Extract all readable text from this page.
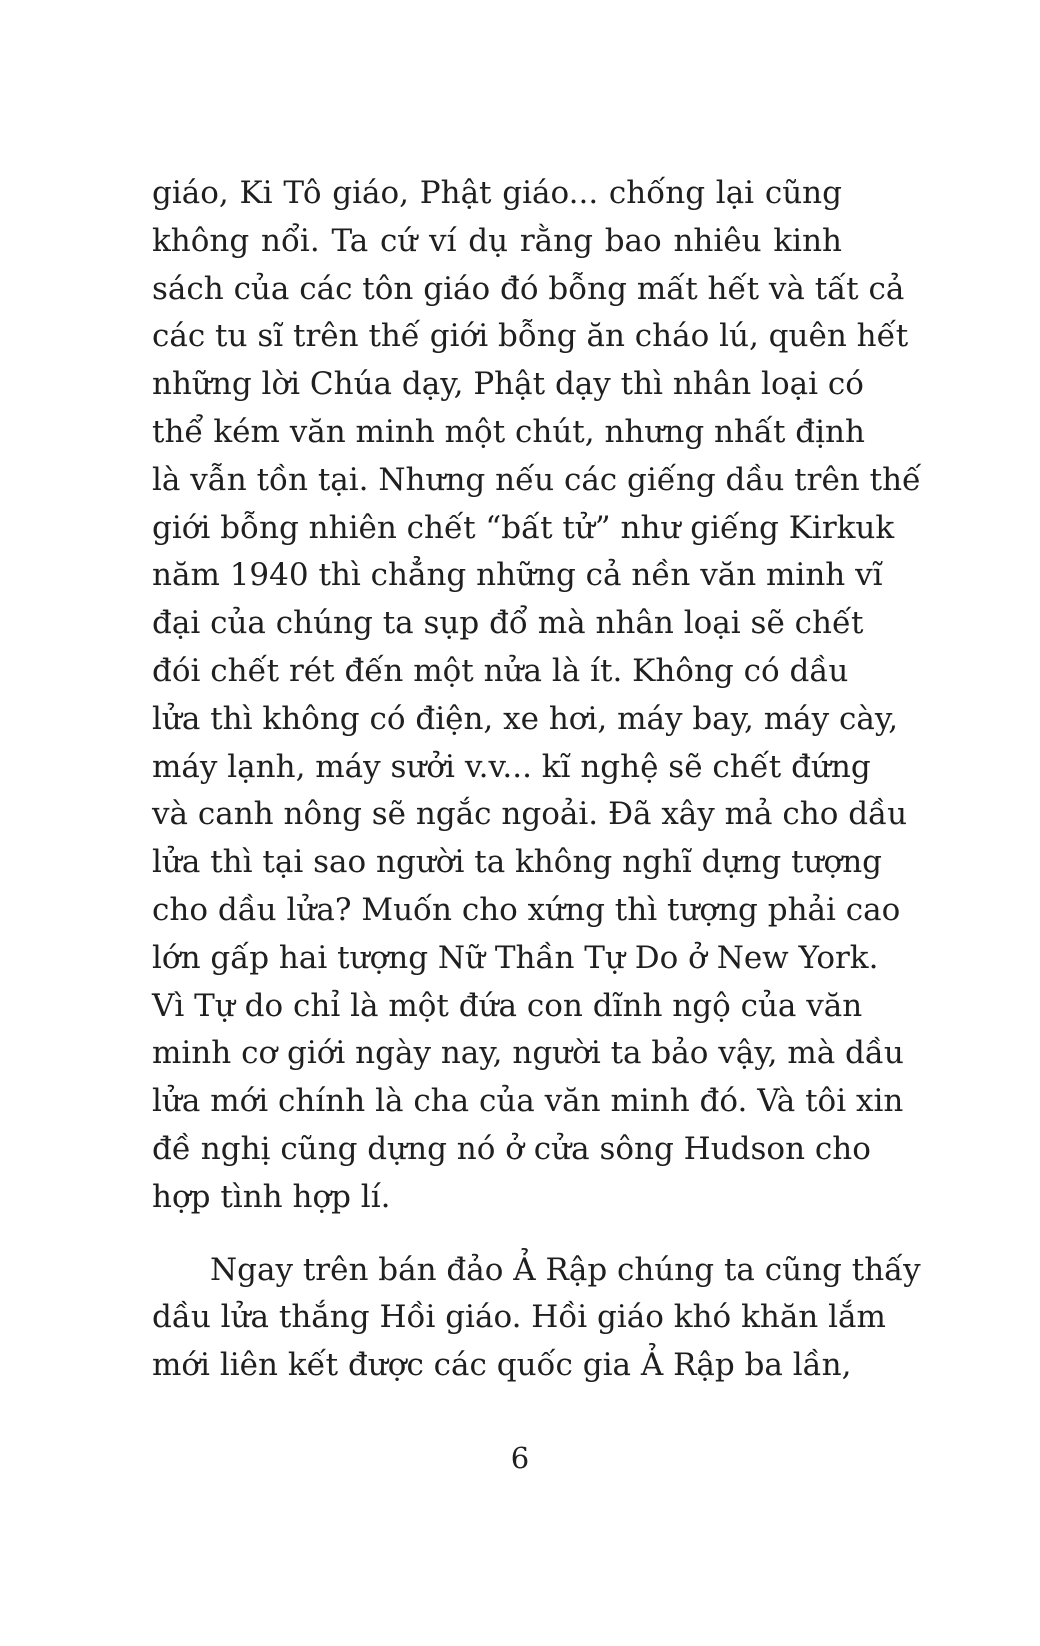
giáo, Ki Tô giáo, Phật giáo... chống lại cũng
không nổi. Ta cứ ví dụ rằng bao nhiêu kinh
sách của các tôn giáo đó bỗng mất hết và tất cả
các tu sĩ trên thế giới bỗng ăn cháo lú, quên hết
những lời Chúa dạy, Phật dạy thì nhân loại có
thể kém văn minh một chút, nhưng nhất định
là vẫn tồn tại. Nhưng nếu các giếng dầu trên thế
giới bỗng nhiên chết “bất tử” như giếng Kirkuk
năm 1940 thì chẳng những cả nền văn minh vĩ
đại của chúng ta sụp đổ mà nhân loại sẽ chết
đói chết rét đến một nửa là ít. Không có dầu
lửa thì không có điện, xe hơi, máy bay, máy cày,
máy lạnh, máy sưởi v.v... kĩ nghệ sẽ chết đứng
và canh nông sẽ ngắc ngoải. Đã xây mả cho dầu
lửa thì tại sao người ta không nghĩ dựng tượng
cho dầu lửa? Muốn cho xứng thì tượng phải cao
lớn gấp hai tượng Nữ Thần Tự Do ở New York.
Vì Tự do chỉ là một đứa con dĩnh ngộ của văn
minh cơ giới ngày nay, người ta bảo vậy, mà dầu
lửa mới chính là cha của văn minh đó. Và tôi xin
đề nghị cũng dựng nó ở cửa sông Hudson cho
hợp tình hợp lí.
Ngay trên bán đảo Ả Rập chúng ta cũng thấy
dầu lửa thắng Hồi giáo. Hồi giáo khó khăn lắm
mới liên kết được các quốc gia Ả Rập ba lần,
6
